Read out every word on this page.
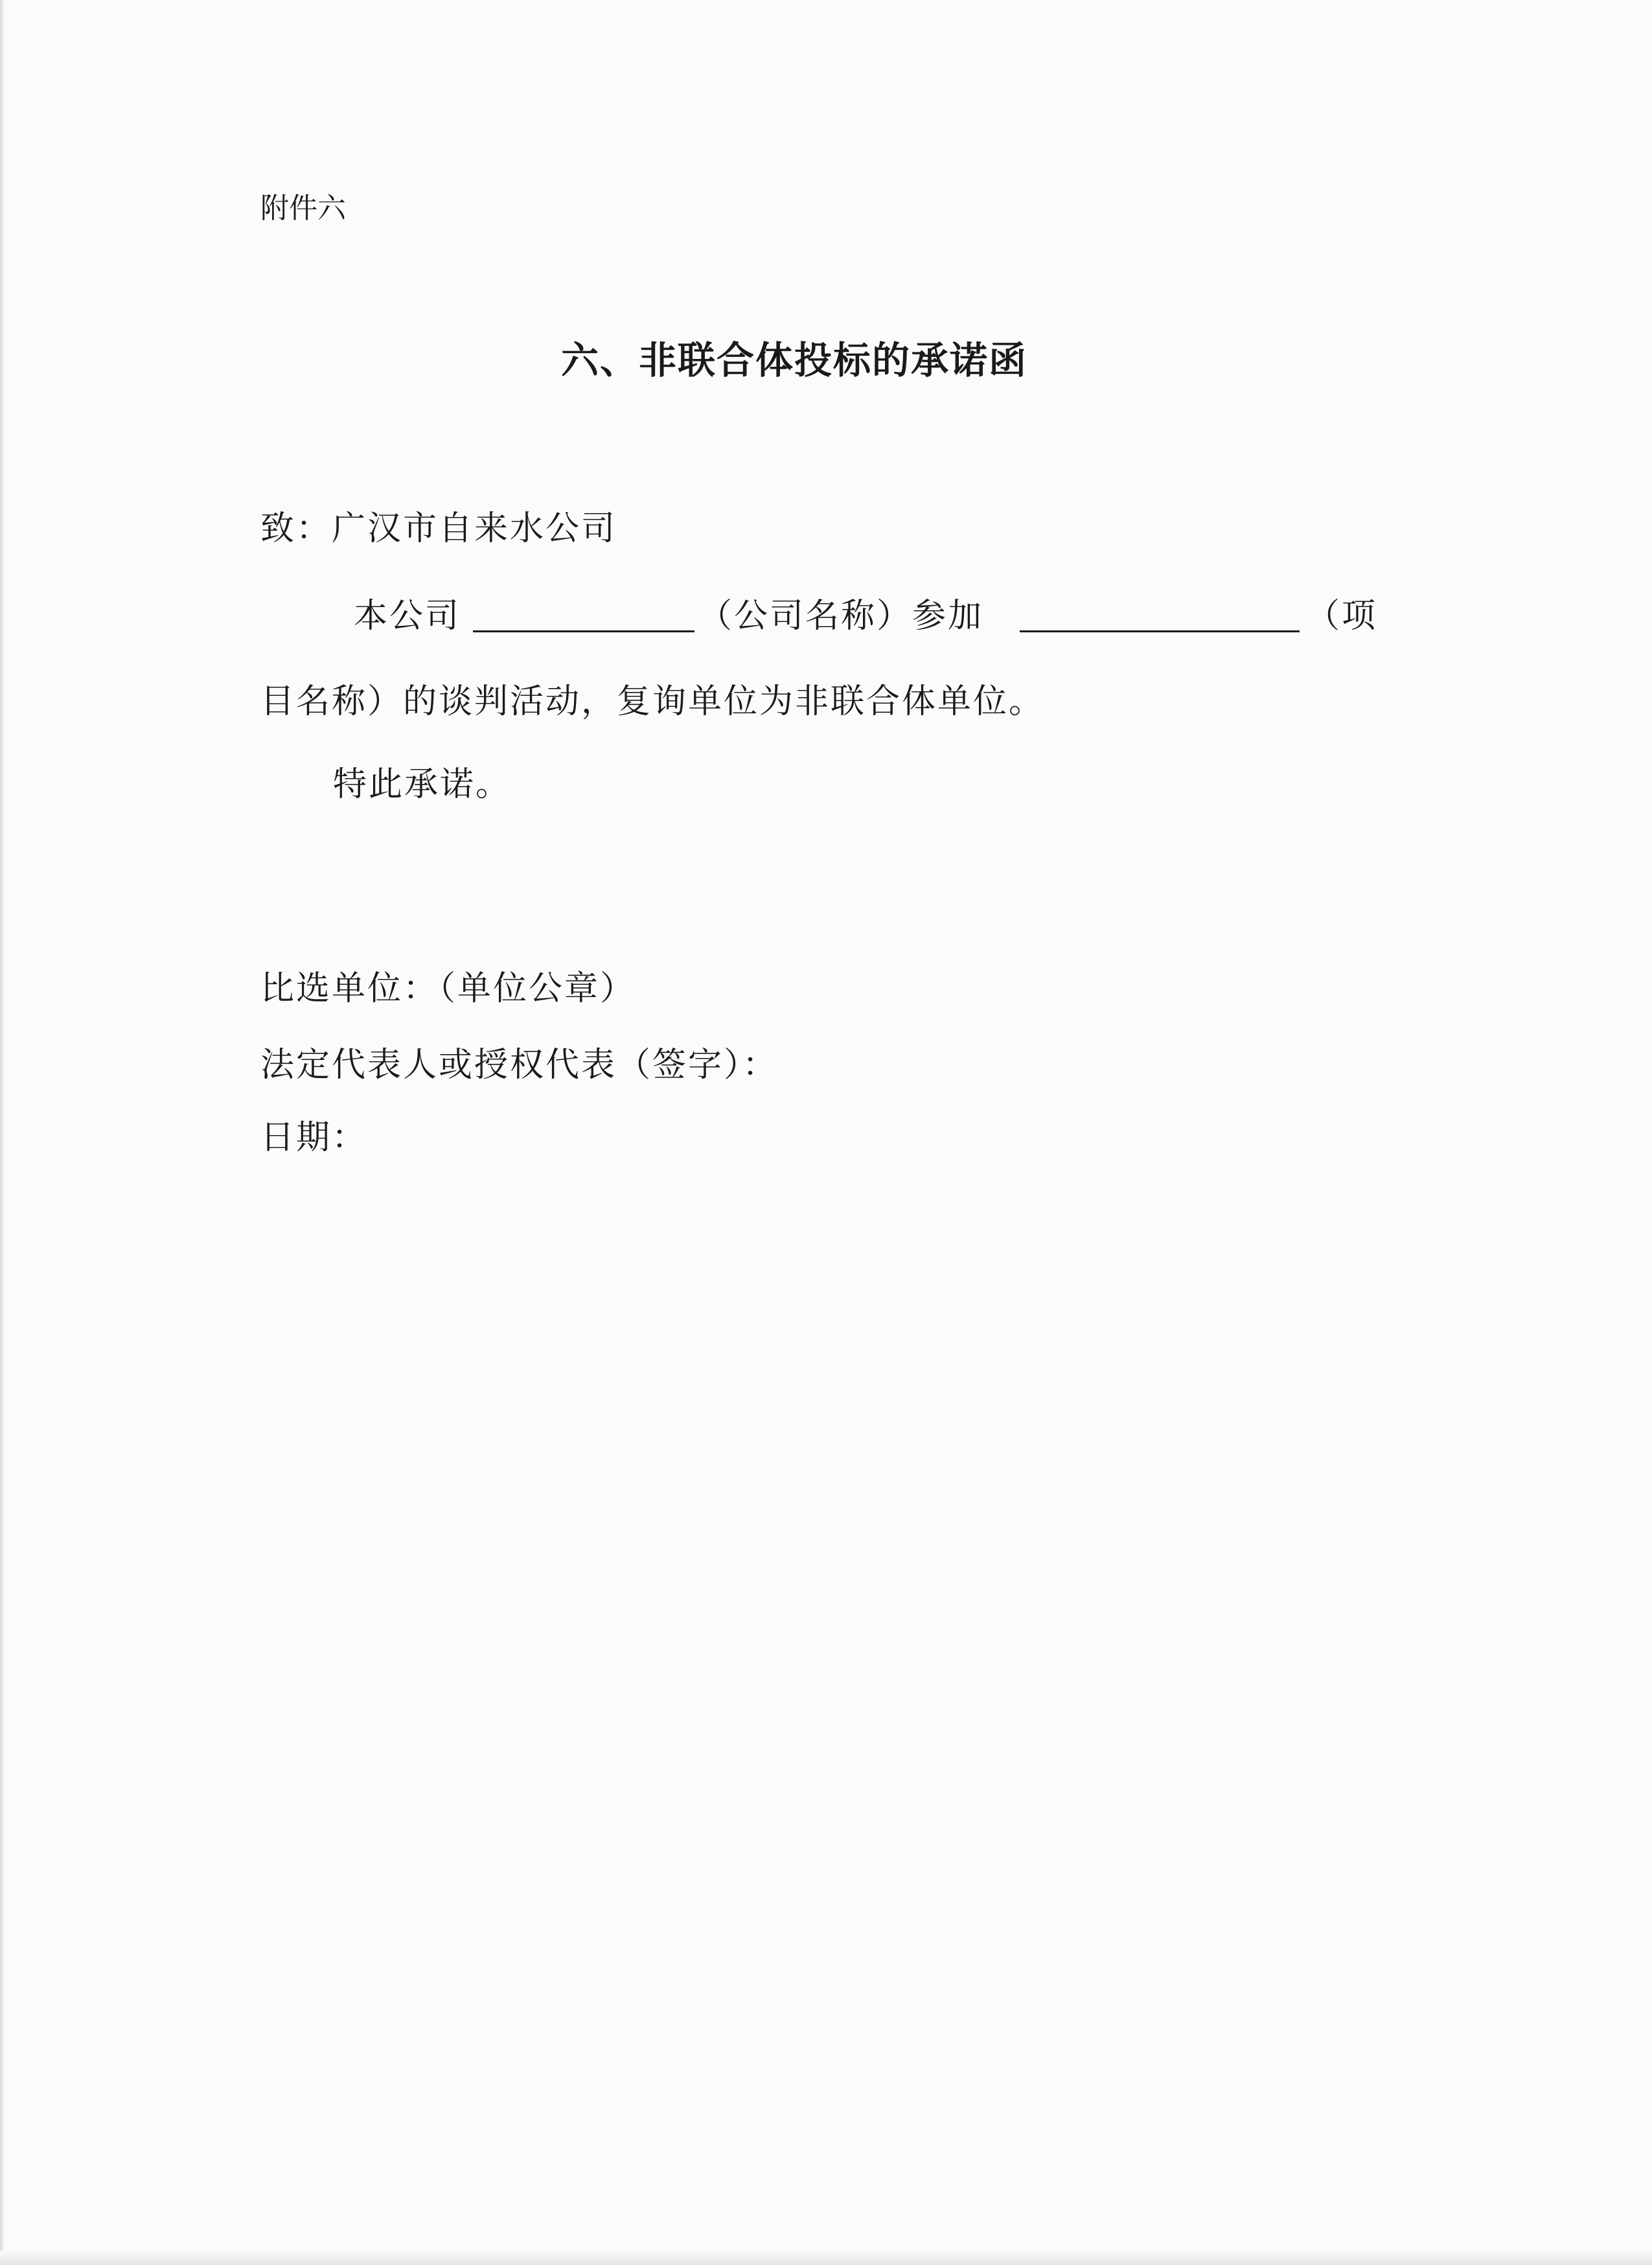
附件六
六、非联合体投标的承诺函
致：广汉市自来水公司
本公司	（公司名称）参加	（项
目名称）的谈判活动，复询单位为非联合体单位。
特此承诺。
比选单位：（单位公章）
法定代表人或授权代表（签字）：
日期：
